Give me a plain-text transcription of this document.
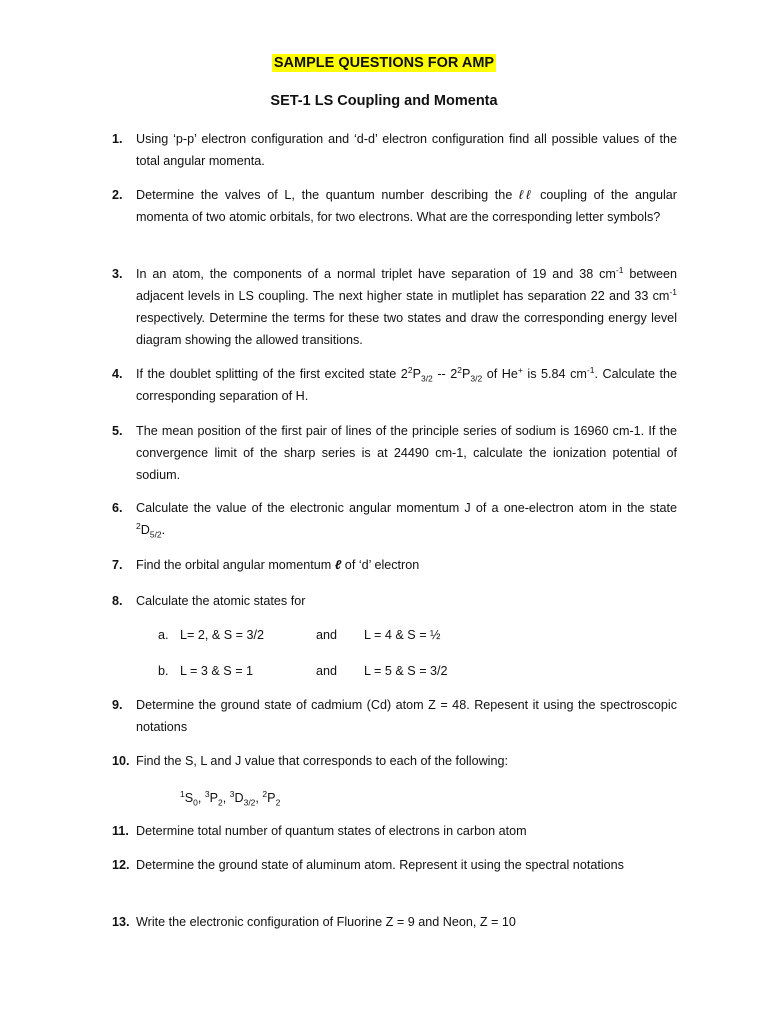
SAMPLE QUESTIONS FOR AMP
SET-1 LS Coupling and Momenta
1.	Using ‘p-p’ electron configuration and ‘d-d’ electron configuration find all possible values of the total angular momenta.
2.	Determine the valves of L, the quantum number describing the ℓℓ coupling of the angular momenta of two atomic orbitals, for two electrons. What are the corresponding letter symbols?
3.	In an atom, the components of a normal triplet have separation of 19 and 38 $cm^{-1}$ between adjacent levels in LS coupling. The next higher state in mutliplet has separation 22 and 33 $cm^{-1}$ respectively. Determine the terms for these two states and draw the corresponding energy level diagram showing the allowed transitions.
4.	If the doublet splitting of the first excited state $2^2P_{3/2} -- 2^2P_{3/2}$ of He+ is 5.84 $cm^{-1}$. Calculate the corresponding separation of H.
5.	The mean position of the first pair of lines of the principle series of sodium is 16960 cm-1. If the convergence limit of the sharp series is at 24490 cm-1, calculate the ionization potential of sodium.
6.	Calculate the value of the electronic angular momentum J of a one-electron atom in the state $^2D_{5/2}$.
7.	Find the orbital angular momentum ℓ of ‘d’ electron
8.	Calculate the atomic states for
a. L= 2, & S = 3/2	and L = 4 & S = ½
b. L = 3 & S = 1	and L = 5 & S = 3/2
9.	Determine the ground state of cadmium (Cd) atom Z = 48. Repesent it using the spectroscopic notations
10. Find the S, L and J value that corresponds to each of the following:
$^1S_0$, $^3P_2$, $^3D_{3/2}$, $^2P_2$
11. Determine total number of quantum states of electrons in carbon atom
12. Determine the ground state of aluminum atom. Represent it using the spectral notations
13. Write the electronic configuration of Fluorine Z = 9 and Neon, Z = 10
